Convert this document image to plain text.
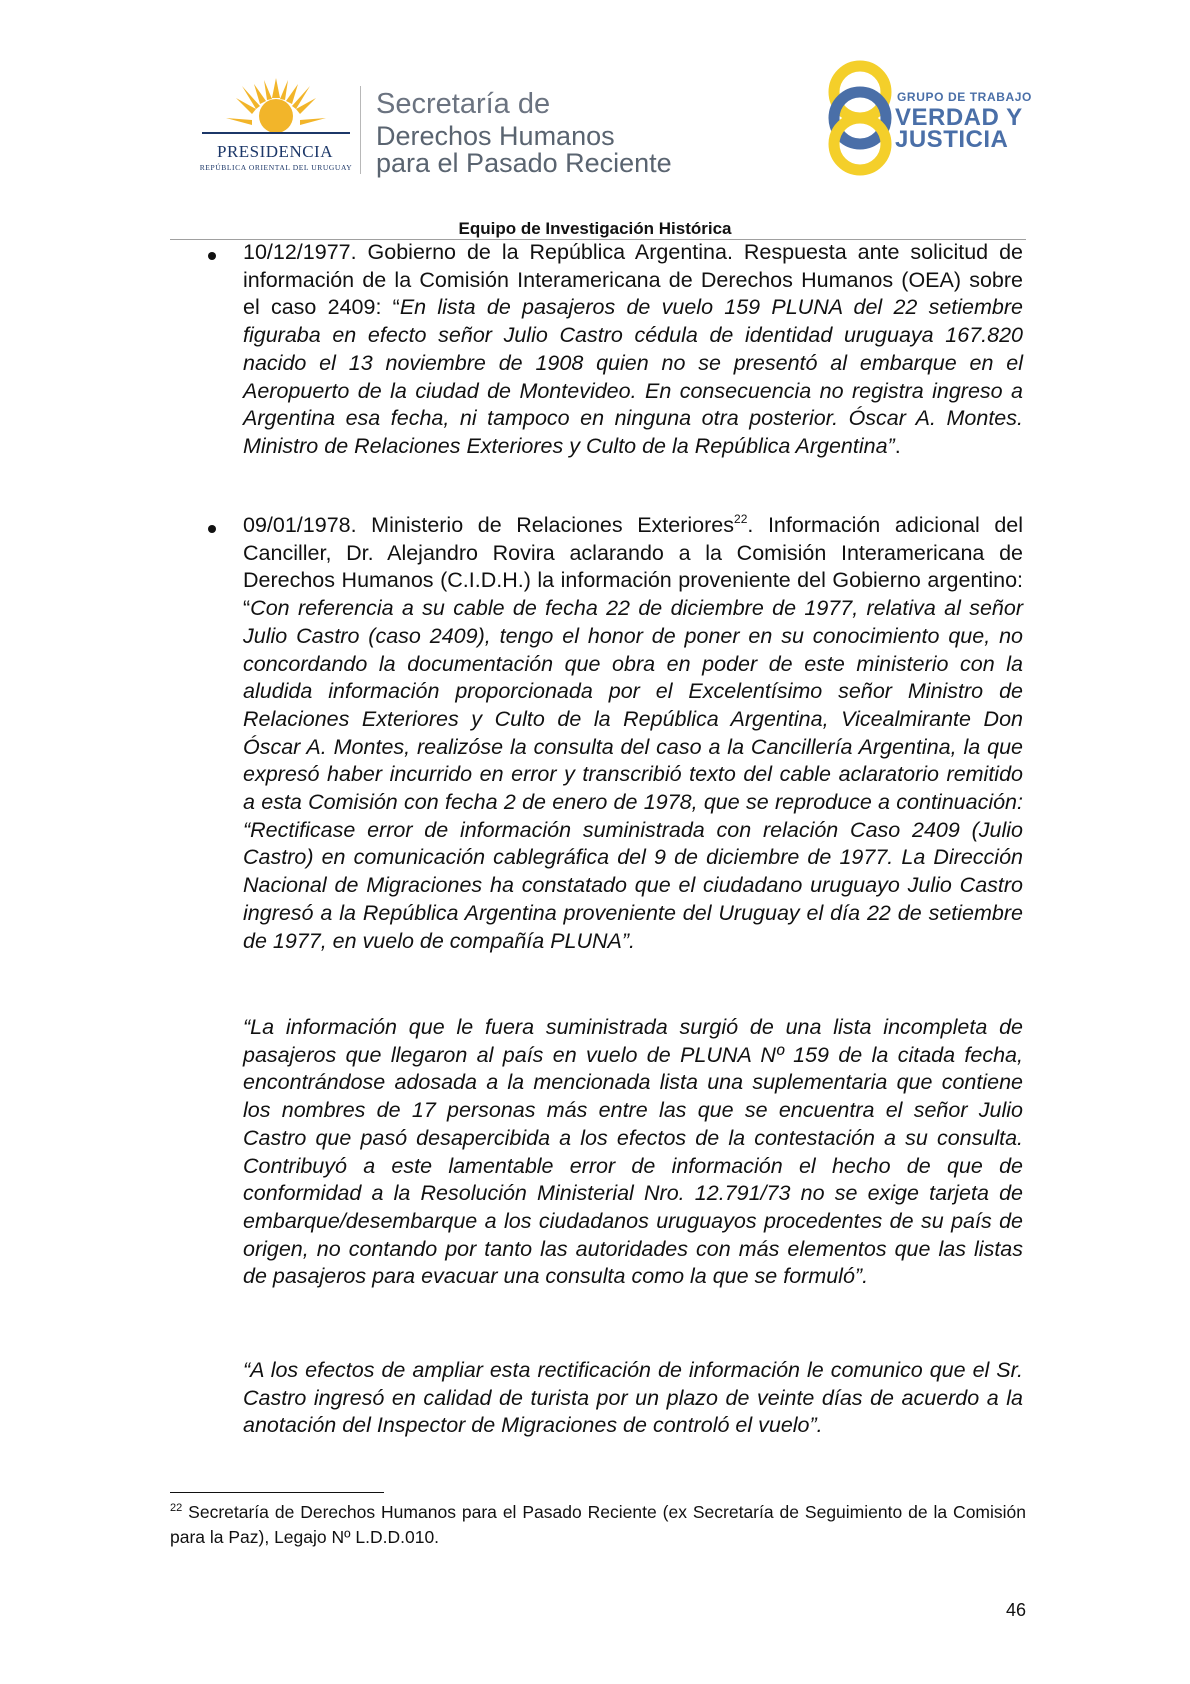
PRESIDENCIA
REPÚBLICA ORIENTAL DEL URUGUAY
Secretaría de
Derechos Humanos
para el Pasado Reciente
GRUPO DE TRABAJO
VERDAD Y
JUSTICIA
Equipo de Investigación Histórica
10/12/1977. Gobierno de la República Argentina. Respuesta ante solicitud de información de la Comisión Interamericana de Derechos Humanos (OEA) sobre el caso 2409: “En lista de pasajeros de vuelo 159 PLUNA del 22 setiembre figuraba en efecto señor Julio Castro cédula de identidad uruguaya 167.820 nacido el 13 noviembre de 1908 quien no se presentó al embarque en el Aeropuerto de la ciudad de Montevideo. En consecuencia no registra ingreso a Argentina esa fecha, ni tampoco en ninguna otra posterior. Óscar A. Montes. Ministro de Relaciones Exteriores y Culto de la República Argentina”.
09/01/1978. Ministerio de Relaciones Exteriores$^{22}$. Información adicional del Canciller, Dr. Alejandro Rovira aclarando a la Comisión Interamericana de Derechos Humanos (C.I.D.H.) la información proveniente del Gobierno argentino: “Con referencia a su cable de fecha 22 de diciembre de 1977, relativa al señor Julio Castro (caso 2409), tengo el honor de poner en su conocimiento que, no concordando la documentación que obra en poder de este ministerio con la aludida información proporcionada por el Excelentísimo señor Ministro de Relaciones Exteriores y Culto de la República Argentina, Vicealmirante Don Óscar A. Montes, realizóse la consulta del caso a la Cancillería Argentina, la que expresó haber incurrido en error y transcribió texto del cable aclaratorio remitido a esta Comisión con fecha 2 de enero de 1978, que se reproduce a continuación: “Rectificase error de información suministrada con relación Caso 2409 (Julio Castro) en comunicación cablegráfica del 9 de diciembre de 1977. La Dirección Nacional de Migraciones ha constatado que el ciudadano uruguayo Julio Castro ingresó a la República Argentina proveniente del Uruguay el día 22 de setiembre de 1977, en vuelo de compañía PLUNA”.
“La información que le fuera suministrada surgió de una lista incompleta de pasajeros que llegaron al país en vuelo de PLUNA Nº 159 de la citada fecha, encontrándose adosada a la mencionada lista una suplementaria que contiene los nombres de 17 personas más entre las que se encuentra el señor Julio Castro que pasó desapercibida a los efectos de la contestación a su consulta. Contribuyó a este lamentable error de información el hecho de que de conformidad a la Resolución Ministerial Nro. 12.791/73 no se exige tarjeta de embarque/desembarque a los ciudadanos uruguayos procedentes de su país de origen, no contando por tanto las autoridades con más elementos que las listas de pasajeros para evacuar una consulta como la que se formuló”.
“A los efectos de ampliar esta rectificación de información le comunico que el Sr. Castro ingresó en calidad de turista por un plazo de veinte días de acuerdo a la anotación del Inspector de Migraciones de controló el vuelo”.
$^{22}$ Secretaría de Derechos Humanos para el Pasado Reciente (ex Secretaría de Seguimiento de la Comisión para la Paz), Legajo Nº L.D.D.010.
46
